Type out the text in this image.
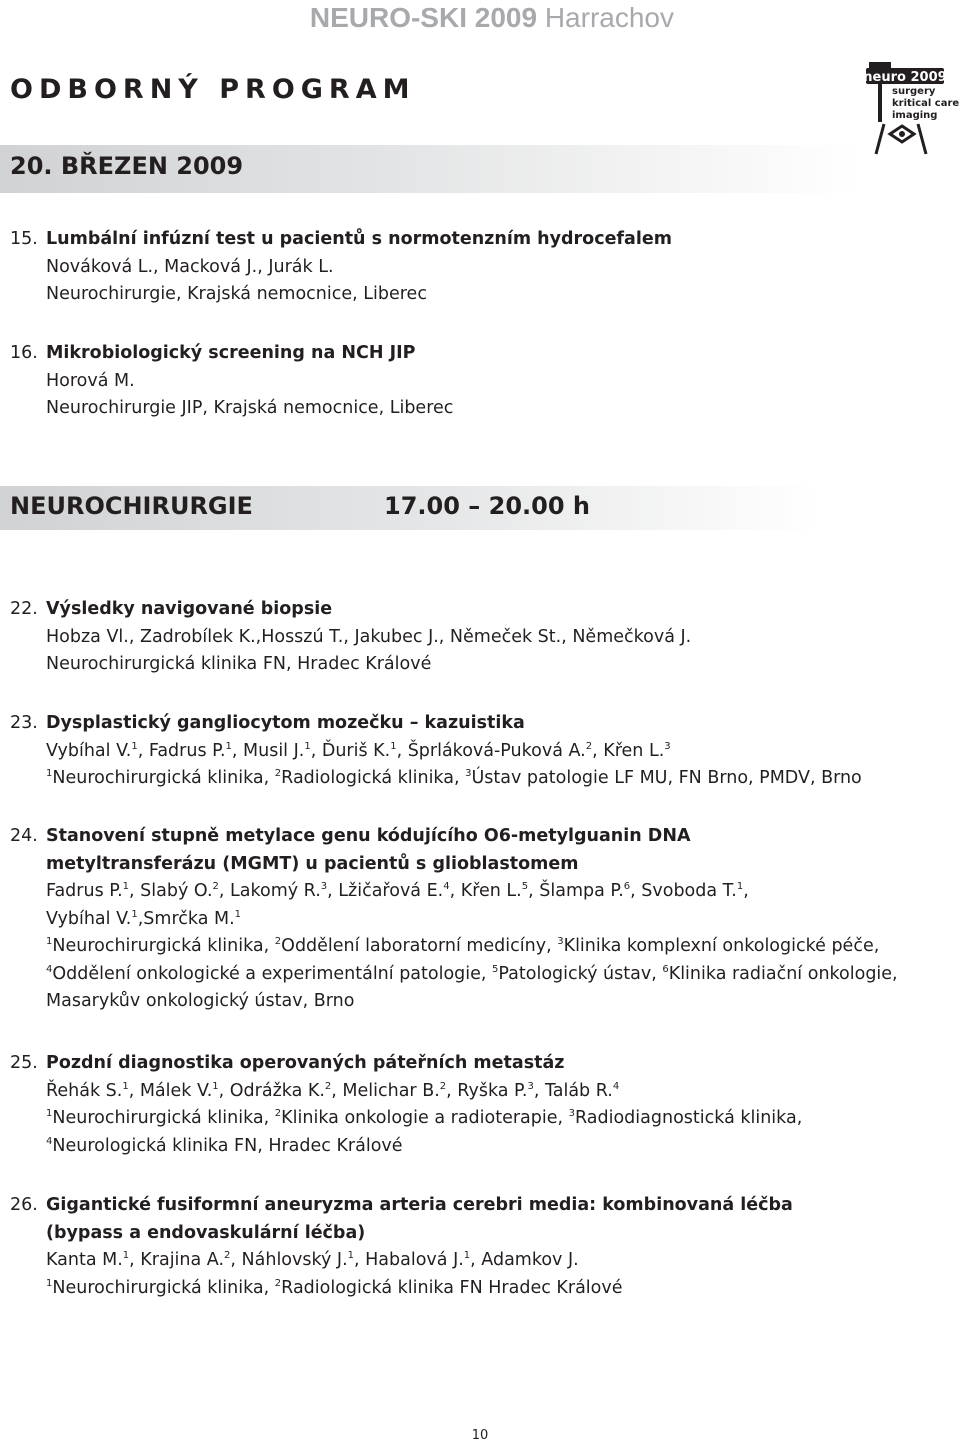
NEURO-SKI 2009 Harrachov
ODBORNÝ PROGRAM	neuro 2009
surgery
kritical care
imaging
20. BŘEZEN 2009
15. Lumbální infúzní test u pacientů s normotenzním hydrocefalem
Nováková L., Macková J., Jurák L.
Neurochirurgie, Krajská nemocnice, Liberec
16. Mikrobiologický screening na NCH JIP
Horová M.
Neurochirurgie JIP, Krajská nemocnice, Liberec
NEUROCHIRURGIE	17.00 – 20.00 h
22. Výsledky navigované biopsie
Hobza Vl., Zadrobílek K.,Hosszú T., Jakubec J., Němeček St., Němečková J.
Neurochirurgická klinika FN, Hradec Králové
23. Dysplastický gangliocytom mozečku – kazuistika
Vybíhal V.$^1$, Fadrus P.$^1$, Musil J.$^1$, Ďuriš K.$^1$, Šprláková-Puková A.$^2$, Křen L.$^3$
$^1$Neurochirurgická klinika, $^2$Radiologická klinika, $^3$Ústav patologie LF MU, FN Brno, PMDV, Brno
24. Stanovení stupně metylace genu kódujícího O6-metylguanin DNA
metyltransferázu (MGMT) u pacientů s glioblastomem
Fadrus P.$^1$, Slabý O.$^2$, Lakomý R.$^3$, Lžičařová E.$^4$, Křen L.$^5$, Šlampa P.$^6$, Svoboda T.$^1$,
Vybíhal V.$^1$,Smrčka M.$^1$
$^1$Neurochirurgická klinika, $^2$Oddělení laboratorní medicíny, $^3$Klinika komplexní onkologické péče,
$^4$Oddělení onkologické a experimentální patologie, $^5$Patologický ústav, $^6$Klinika radiační onkologie,
Masarykův onkologický ústav, Brno
25. Pozdní diagnostika operovaných páteřních metastáz
Řehák S.$^1$, Málek V.$^1$, Odrážka K.$^2$, Melichar B.$^2$, Ryška P.$^3$, Taláb R.$^4$
$^1$Neurochirurgická klinika, $^2$Klinika onkologie a radioterapie, $^3$Radiodiagnostická klinika,
$^4$Neurologická klinika FN, Hradec Králové
26. Gigantické fusiformní aneuryzma arteria cerebri media: kombinovaná léčba
(bypass a endovaskulární léčba)
Kanta M.$^1$, Krajina A.$^2$, Náhlovský J.$^1$, Habalová J.$^1$, Adamkov J.
$^1$Neurochirurgická klinika, $^2$Radiologická klinika FN Hradec Králové
10
